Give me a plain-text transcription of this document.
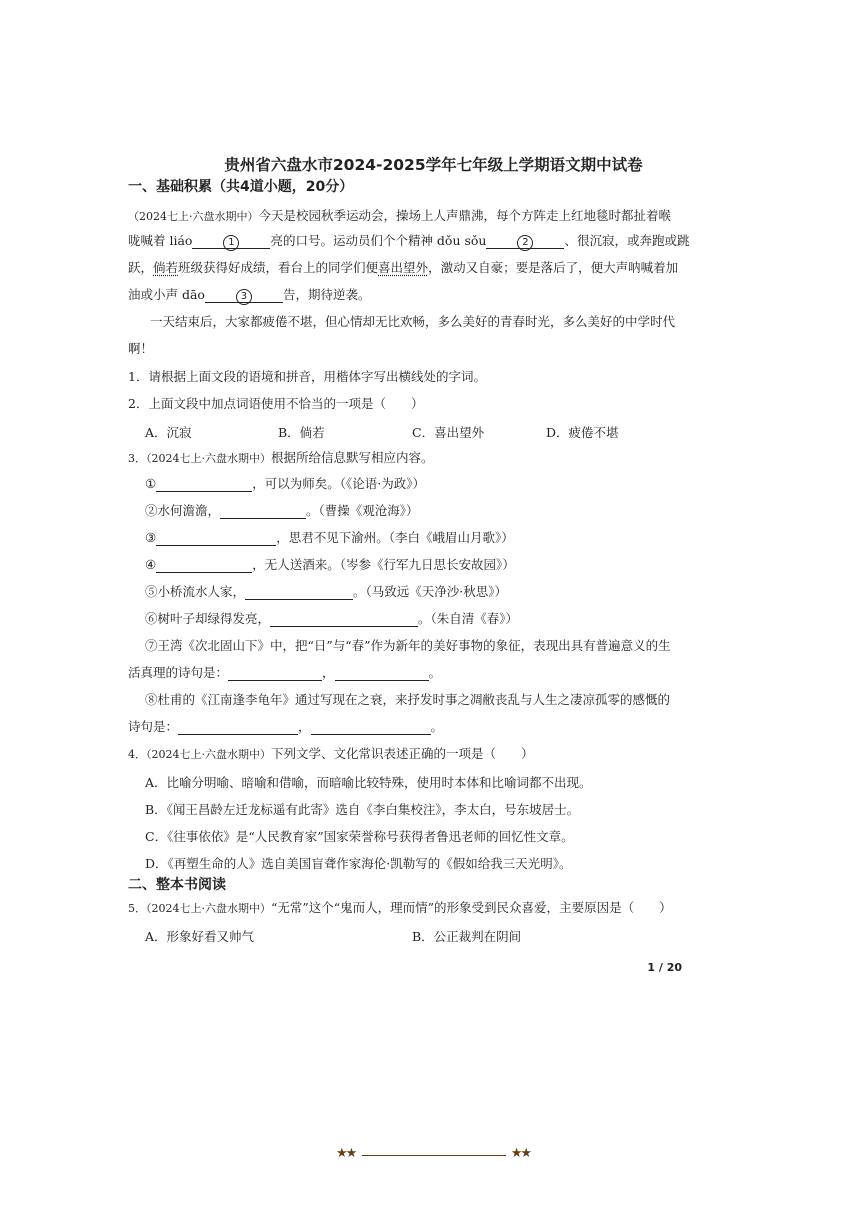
贵州省六盘水市2024-2025学年七年级上学期语文期中试卷
一、基础积累（共4道小题，20分）
（2024七上·六盘水期中）今天是校园秋季运动会，操场上人声鼎沸，每个方阵走上红地毯时都扯着喉
咙喊着 liáo	1	亮的口号。运动员们个个精神 dǒu sǒu	2	、很沉寂，或奔跑或跳
跃，倘若班级获得好成绩，看台上的同学们便喜出望外，激动又自豪；要是落后了，便大声呐喊着加
油或小声 dāo	3	告，期待逆袭。
一天结束后，大家都疲倦不堪，但心情却无比欢畅，多么美好的青春时光，多么美好的中学时代
啊！
1．请根据上面文段的语境和拼音，用楷体字写出横线处的字词。
2．上面文段中加点词语使用不恰当的一项是（　　）
A．沉寂	B．倘若	C．喜出望外	D．疲倦不堪
3．（2024七上·六盘水期中）根据所给信息默写相应内容。
①	，可以为师矣。（《论语·为政》）
②水何澹澹，	。（曹操《观沧海》）
③	，思君不见下渝州。（李白《峨眉山月歌》）
④	，无人送酒来。（岑参《行军九日思长安故园》）
⑤小桥流水人家，	。（马致远《天净沙·秋思》）
⑥树叶子却绿得发亮，	。（朱自清《春》）
⑦王湾《次北固山下》中，把“日”与“春”作为新年的美好事物的象征，表现出具有普遍意义的生
活真理的诗句是：	，	。
⑧杜甫的《江南逢李龟年》通过写现在之衰，来抒发时事之凋敝丧乱与人生之凄凉孤零的感慨的
诗句是：	，	。
4．（2024七上·六盘水期中）下列文学、文化常识表述正确的一项是（　　）
A．比喻分明喻、暗喻和借喻，而暗喻比较特殊，使用时本体和比喻词都不出现。
B．《闻王昌龄左迁龙标遥有此寄》选自《李白集校注》，李太白，号东坡居士。
C．《往事依依》是“人民教育家”国家荣誉称号获得者鲁迅老师的回忆性文章。
D．《再塑生命的人》选自美国盲聋作家海伦·凯勒写的《假如给我三天光明》。
二、整本书阅读
5．（2024七上·六盘水期中）“无常”这个“鬼而人，理而情”的形象受到民众喜爱，主要原因是（　　）
A．形象好看又帅气	B．公正裁判在阴间
1 / 20
★★	★★
